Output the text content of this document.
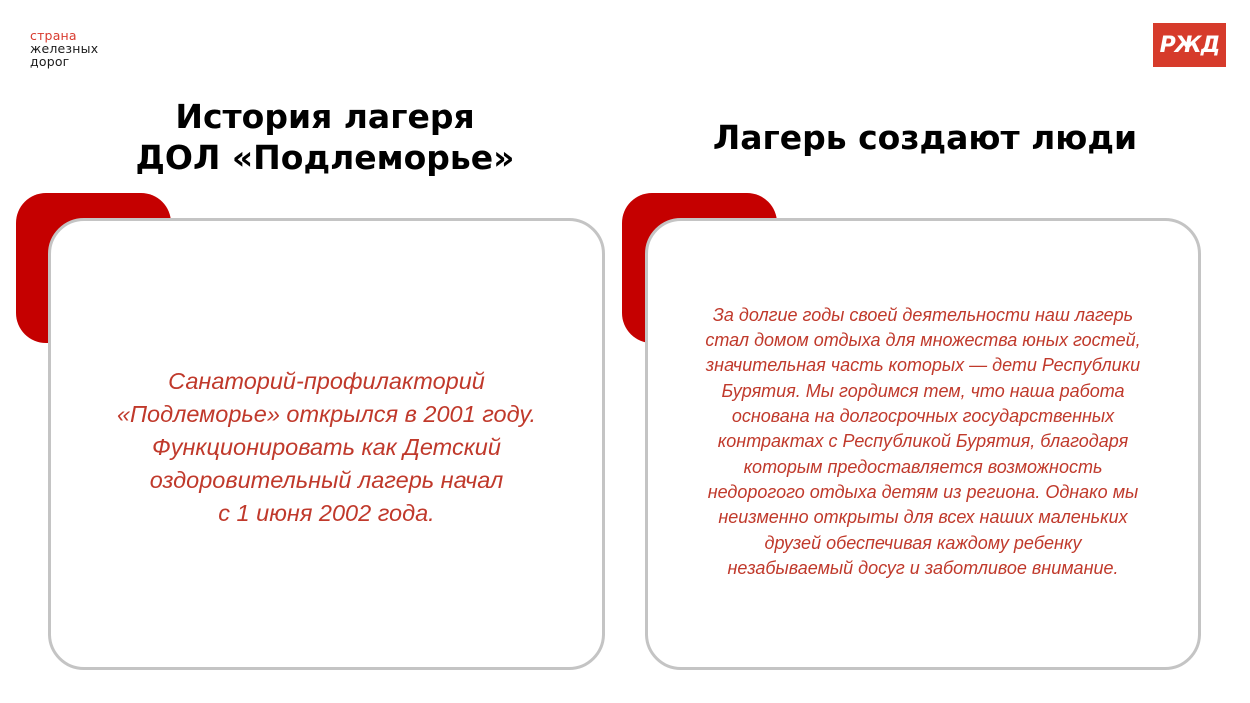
страна
железных
дорог
РЖД
История лагеря
ДОЛ «Подлеморье»
Лагерь создают люди
Санаторий-профилакторий
«Подлеморье» открылся в 2001 году.
Функционировать как Детский
оздоровительный лагерь начал
с 1 июня 2002 года.
За долгие годы своей деятельности наш лагерь
стал домом отдыха для множества юных гостей,
значительная часть которых — дети Республики
Бурятия. Мы гордимся тем, что наша работа
основана на долгосрочных государственных
контрактах с Республикой Бурятия, благодаря
которым предоставляется возможность
недорогого отдыха детям из региона. Однако мы
неизменно открыты для всех наших маленьких
друзей обеспечивая каждому ребенку
незабываемый досуг и заботливое внимание.
